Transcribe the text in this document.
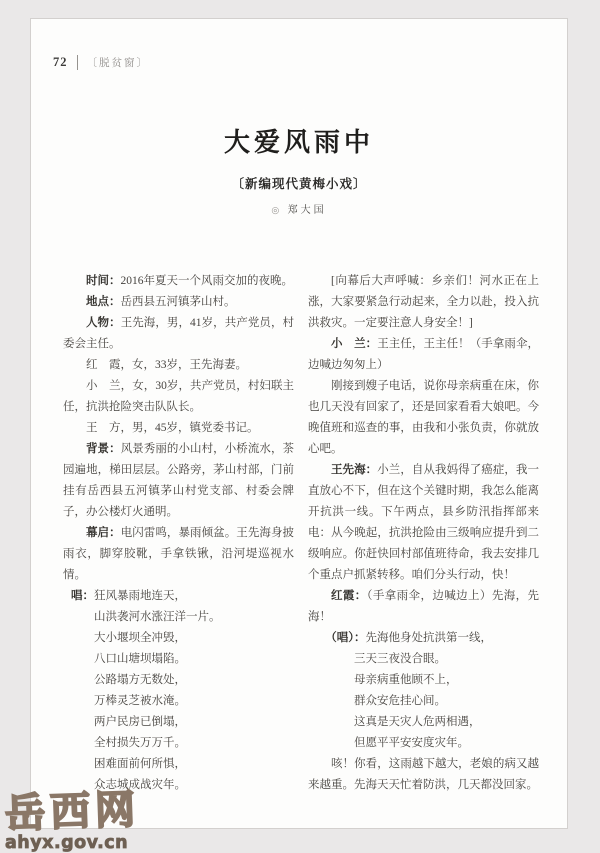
72 〔脱贫窗〕
大爱风雨中

〔新编现代黄梅小戏〕

◎ 郑大国

时间：2016年夏天一个风雨交加的夜晚。

地点：岳西县五河镇茅山村。

人物：王先海，男，41岁，共产党员，村委会主任。

红　霞，女，33岁，王先海妻。

小　兰，女，30岁，共产党员，村妇联主任，抗洪抢险突击队队长。

王　方，男，45岁，镇党委书记。

背景：风景秀丽的小山村，小桥流水，茶园遍地，梯田层层。公路旁，茅山村部，门前挂有岳西县五河镇茅山村党支部、村委会牌子，办公楼灯火通明。

幕启：电闪雷鸣，暴雨倾盆。王先海身披雨衣，脚穿胶靴，手拿铁锹，沿河堤巡视水情。

唱： 狂风暴雨地连天，
山洪袭河水涨汪洋一片。
大小堰坝全冲毁，
八口山塘坝塌陷。
公路塌方无数处，
万棒灵芝被水淹。
两户民房已倒塌，
全村损失万万千。
困难面前何所惧，
众志城成战灾年。

[向幕后大声呼喊：乡亲们！河水正在上涨，大家要紧急行动起来，全力以赴，投入抗洪救灾。一定要注意人身安全！]

小　兰：王主任，王主任！（手拿雨伞，边喊边匆匆上）

刚接到嫂子电话，说你母亲病重在床，你也几天没有回家了，还是回家看看大娘吧。今晚值班和巡查的事，由我和小张负责，你就放心吧。

王先海：小兰，自从我妈得了癌症，我一直放心不下，但在这个关键时期，我怎么能离开抗洪一线。下午两点，县乡防汛指挥部来电：从今晚起，抗洪抢险由三级响应提升到二级响应。你赶快回村部值班待命，我去安排几个重点户抓紧转移。咱们分头行动，快！

红霞：（手拿雨伞，边喊边上）先海，先海！

（唱）：先海他身处抗洪第一线，

三天三夜没合眼。
母亲病重他顾不上，
群众安危挂心间。
这真是天灾人危两相遇，
但愿平平安安度灾年。

咳！你看，这雨越下越大，老娘的病又越来越重。先海天天忙着防洪，几天都没回家。

ahyx.gov.cn
